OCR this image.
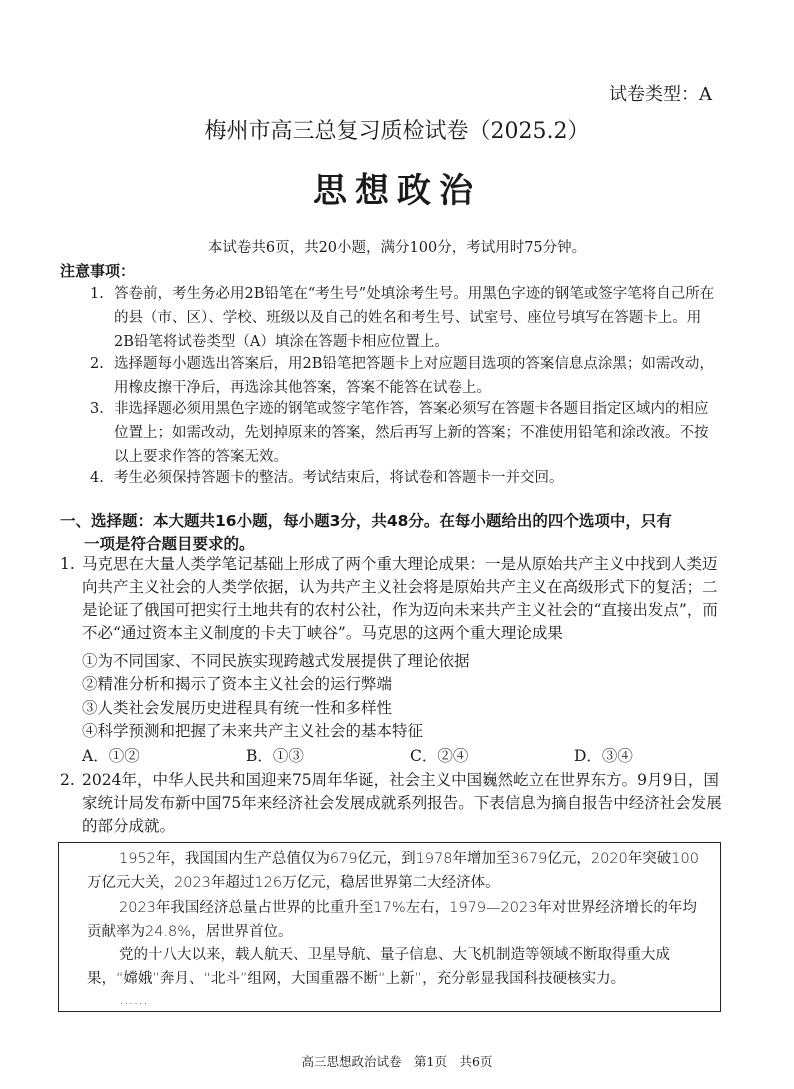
试卷类型：A
梅州市高三总复习质检试卷（2025.2）
思想政治
本试卷共6页，共20小题，满分100分，考试用时75分钟。
注意事项：
1. 答卷前，考生务必用2B铅笔在“考生号”处填涂考生号。用黑色字迹的钢笔或签字笔将自己所在的县（市、区）、学校、班级以及自己的姓名和考生号、试室号、座位号填写在答题卡上。用2B铅笔将试卷类型（A）填涂在答题卡相应位置上。
2. 选择题每小题选出答案后，用2B铅笔把答题卡上对应题目选项的答案信息点涂黑；如需改动，用橡皮擦干净后，再选涂其他答案，答案不能答在试卷上。
3. 非选择题必须用黑色字迹的钢笔或签字笔作答，答案必须写在答题卡各题目指定区域内的相应位置上；如需改动，先划掉原来的答案，然后再写上新的答案；不准使用铅笔和涂改液。不按以上要求作答的答案无效。
4. 考生必须保持答题卡的整洁。考试结束后，将试卷和答题卡一并交回。
一、选择题：本大题共16小题，每小题3分，共48分。在每小题给出的四个选项中，只有
一项是符合题目要求的。
1. 马克思在大量人类学笔记基础上形成了两个重大理论成果：一是从原始共产主义中找到人类迈向共产主义社会的人类学依据，认为共产主义社会将是原始共产主义在高级形式下的复活；二是论证了俄国可把实行土地共有的农村公社，作为迈向未来共产主义社会的“直接出发点”，而不必“通过资本主义制度的卡夫丁峡谷”。马克思的这两个重大理论成果
①为不同国家、不同民族实现跨越式发展提供了理论依据
②精准分析和揭示了资本主义社会的运行弊端
③人类社会发展历史进程具有统一性和多样性
④科学预测和把握了未来共产主义社会的基本特征
A．①②	B．①③	C．②④	D．③④
2. 2024年，中华人民共和国迎来75周年华诞，社会主义中国巍然屹立在世界东方。9月9日，国家统计局发布新中国75年来经济社会发展成就系列报告。下表信息为摘自报告中经济社会发展的部分成就。

1952年，我国国内生产总值仅为679亿元，到1978年增加至3679亿元，2020年突破100万亿元大关，2023年超过126万亿元，稳居世界第二大经济体。

2023年我国经济总量占世界的比重升至17%左右，1979—2023年对世界经济增长的年均贡献率为24.8%，居世界首位。

党的十八大以来，载人航天、卫星导航、量子信息、大飞机制造等领域不断取得重大成果，“嫦娥”奔月、“北斗”组网，大国重器不断“上新”，充分彰显我国科技硬核实力。

……

高三思想政治试卷　第1页　共6页
